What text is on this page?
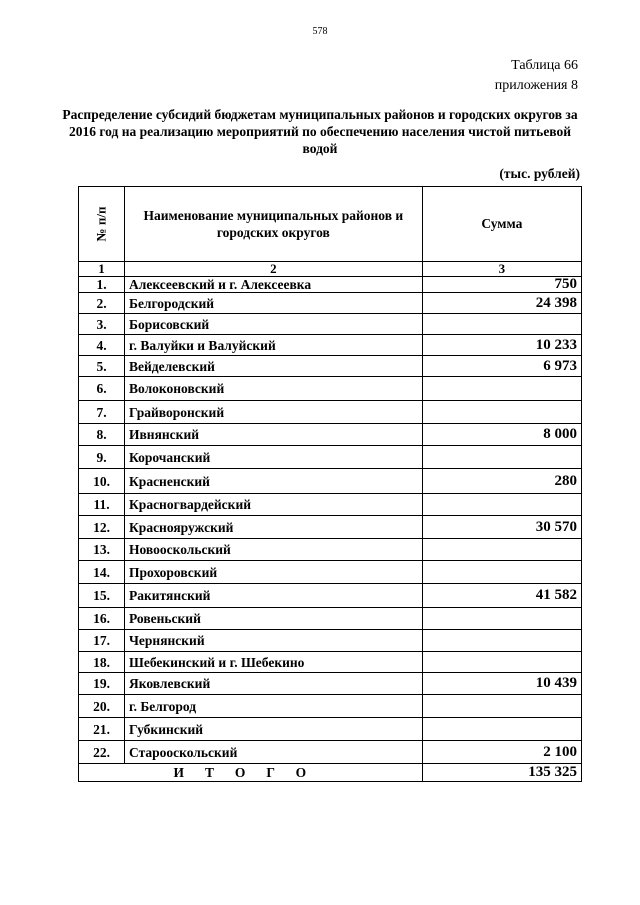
578
Таблица 66
приложения 8
Распределение субсидий бюджетам муниципальных районов и городских округов за 2016 год на реализацию мероприятий по обеспечению населения чистой питьевой водой
(тыс. рублей)
№ п/п	Наименование муниципальных районов и городских округов	Сумма
1	2	3
1.	Алексеевский и г. Алексеевка	750
2.	Белгородский	24 398
3.	Борисовский	
4.	г. Валуйки и Валуйский	10 233
5.	Вейделевский	6 973
6.	Волоконовский	
7.	Грайворонский	
8.	Ивнянский	8 000
9.	Корочанский	
10.	Красненский	280
11.	Красногвардейский	
12.	Краснояружский	30 570
13.	Новооскольский	
14.	Прохоровский	
15.	Ракитянский	41 582
16.	Ровеньский	
17.	Чернянский	
18.	Шебекинский и г. Шебекино	
19.	Яковлевский	10 439
20.	г. Белгород	
21.	Губкинский	
22.	Старооскольский	2 100
ИТОГО		135 325
